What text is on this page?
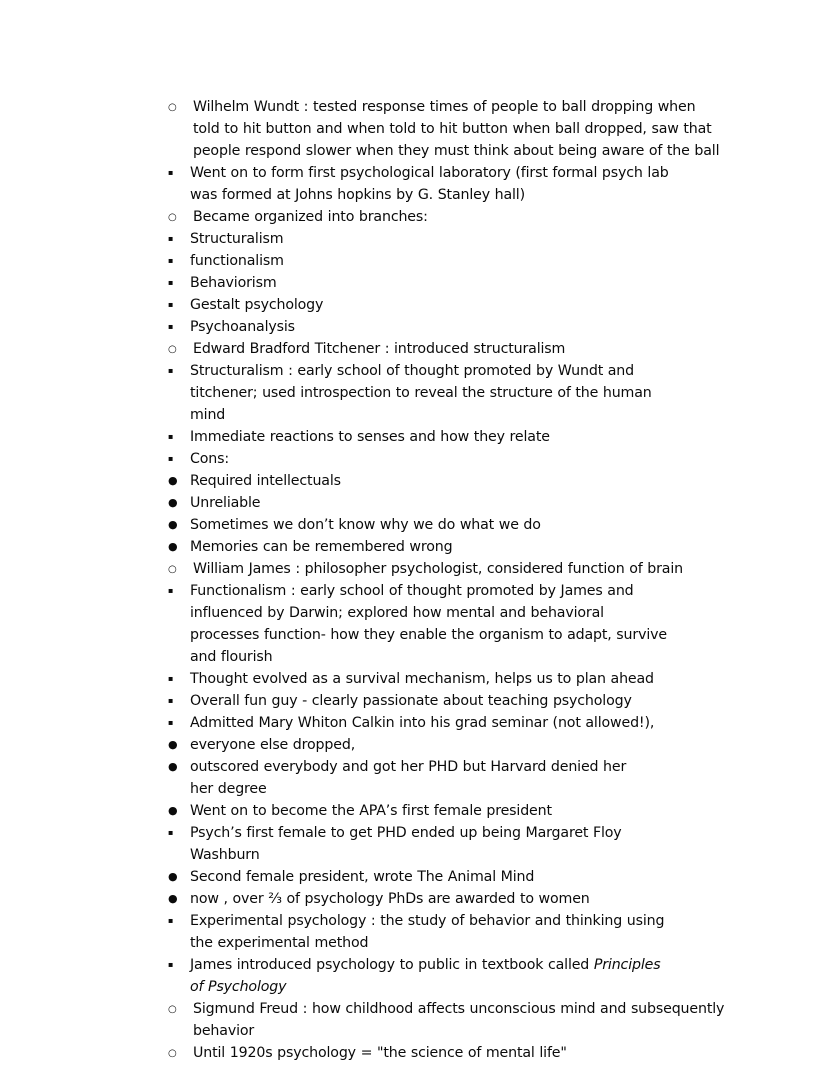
○	Wilhelm Wundt : tested response times of people to ball dropping when told to hit button and when told to hit button when ball dropped, saw that people respond slower when they must think about being aware of the ball
▪	Went on to form first psychological laboratory (first formal psych lab was formed at Johns hopkins by G. Stanley hall)
○	Became organized into branches:
▪	Structuralism
▪	functionalism
▪	Behaviorism
▪	Gestalt psychology
▪	Psychoanalysis
○	Edward Bradford Titchener : introduced structuralism
▪	Structuralism : early school of thought promoted by Wundt and titchener; used introspection to reveal the structure of the human mind
▪	Immediate reactions to senses and how they relate
▪	Cons:
● Required intellectuals
● Unreliable
● Sometimes we don’t know why we do what we do
● Memories can be remembered wrong
○	William James : philosopher psychologist, considered function of brain
▪	Functionalism : early school of thought promoted by James and influenced by Darwin; explored how mental and behavioral processes function- how they enable the organism to adapt, survive and flourish
▪	Thought evolved as a survival mechanism, helps us to plan ahead
▪	Overall fun guy - clearly passionate about teaching psychology
▪	Admitted Mary Whiton Calkin into his grad seminar (not allowed!),
● everyone else dropped,
● outscored everybody and got her PHD but Harvard denied her her degree
● Went on to become the APA’s first female president
▪	Psych’s first female to get PHD ended up being Margaret Floy Washburn
● Second female president, wrote The Animal Mind
● now , over ⅔ of psychology PhDs are awarded to women
▪	Experimental psychology : the study of behavior and thinking using the experimental method
▪	James introduced psychology to public in textbook called Principles of Psychology
○	Sigmund Freud : how childhood affects unconscious mind and subsequently behavior
○	Until 1920s psychology = "the science of mental life"
